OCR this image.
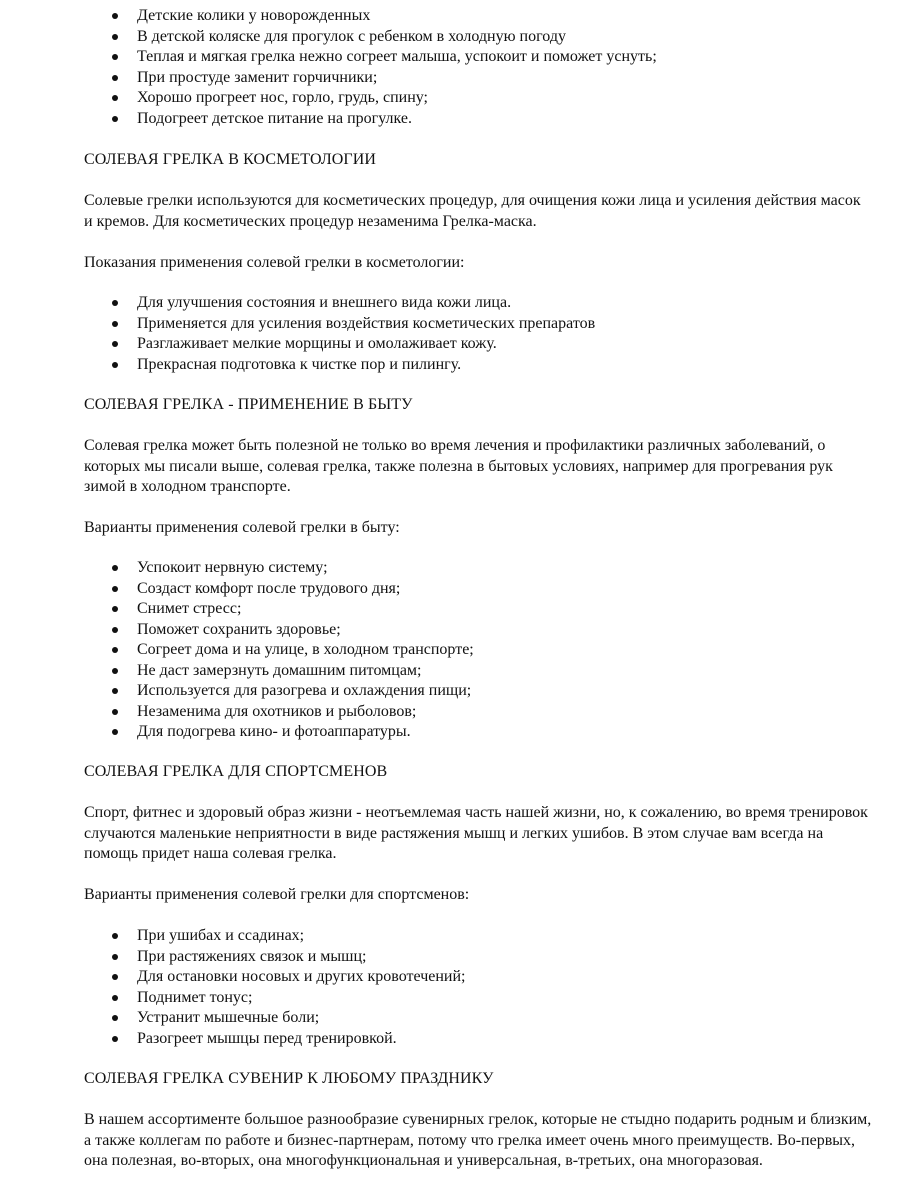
Детские колики у новорожденных
В детской коляске для прогулок с ребенком в холодную погоду
Теплая и мягкая грелка нежно согреет малыша, успокоит и поможет уснуть;
При простуде заменит горчичники;
Хорошо прогреет нос, горло, грудь, спину;
Подогреет детское питание на прогулке.
СОЛЕВАЯ ГРЕЛКА В КОСМЕТОЛОГИИ

Солевые грелки используются для косметических процедур, для очищения кожи лица и усиления действия масок и кремов. Для косметических процедур незаменима Грелка-маска.

Показания применения солевой грелки в косметологии:

Для улучшения состояния и внешнего вида кожи лица.
Применяется для усиления воздействия косметических препаратов
Разглаживает мелкие морщины и омолаживает кожу.
Прекрасная подготовка к чистке пор и пилингу.
СОЛЕВАЯ ГРЕЛКА - ПРИМЕНЕНИЕ В БЫТУ

Солевая грелка может быть полезной не только во время лечения и профилактики различных заболеваний, о которых мы писали выше, солевая грелка, также полезна в бытовых условиях, например для прогревания рук зимой в холодном транспорте.

Варианты применения солевой грелки в быту:

Успокоит нервную систему;
Создаст комфорт после трудового дня;
Снимет стресс;
Поможет сохранить здоровье;
Согреет дома и на улице, в холодном транспорте;
Не даст замерзнуть домашним питомцам;
Используется для разогрева и охлаждения пищи;
Незаменима для охотников и рыболовов;
Для подогрева кино- и фотоаппаратуры.
СОЛЕВАЯ ГРЕЛКА ДЛЯ СПОРТСМЕНОВ

Спорт, фитнес и здоровый образ жизни - неотъемлемая часть нашей жизни, но, к сожалению, во время тренировок случаются маленькие неприятности в виде растяжения мышц и легких ушибов. В этом случае вам всегда на помощь придет наша солевая грелка.

Варианты применения солевой грелки для спортсменов:

При ушибах и ссадинах;
При растяжениях связок и мышц;
Для остановки носовых и других кровотечений;
Поднимет тонус;
Устранит мышечные боли;
Разогреет мышцы перед тренировкой.
СОЛЕВАЯ ГРЕЛКА СУВЕНИР К ЛЮБОМУ ПРАЗДНИКУ

В нашем ассортименте большое разнообразие сувенирных грелок, которые не стыдно подарить родным и близким, а также коллегам по работе и бизнес-партнерам, потому что грелка имеет очень много преимуществ. Во-первых, она полезная, во-вторых, она многофункциональная и универсальная, в-третьих, она многоразовая.
